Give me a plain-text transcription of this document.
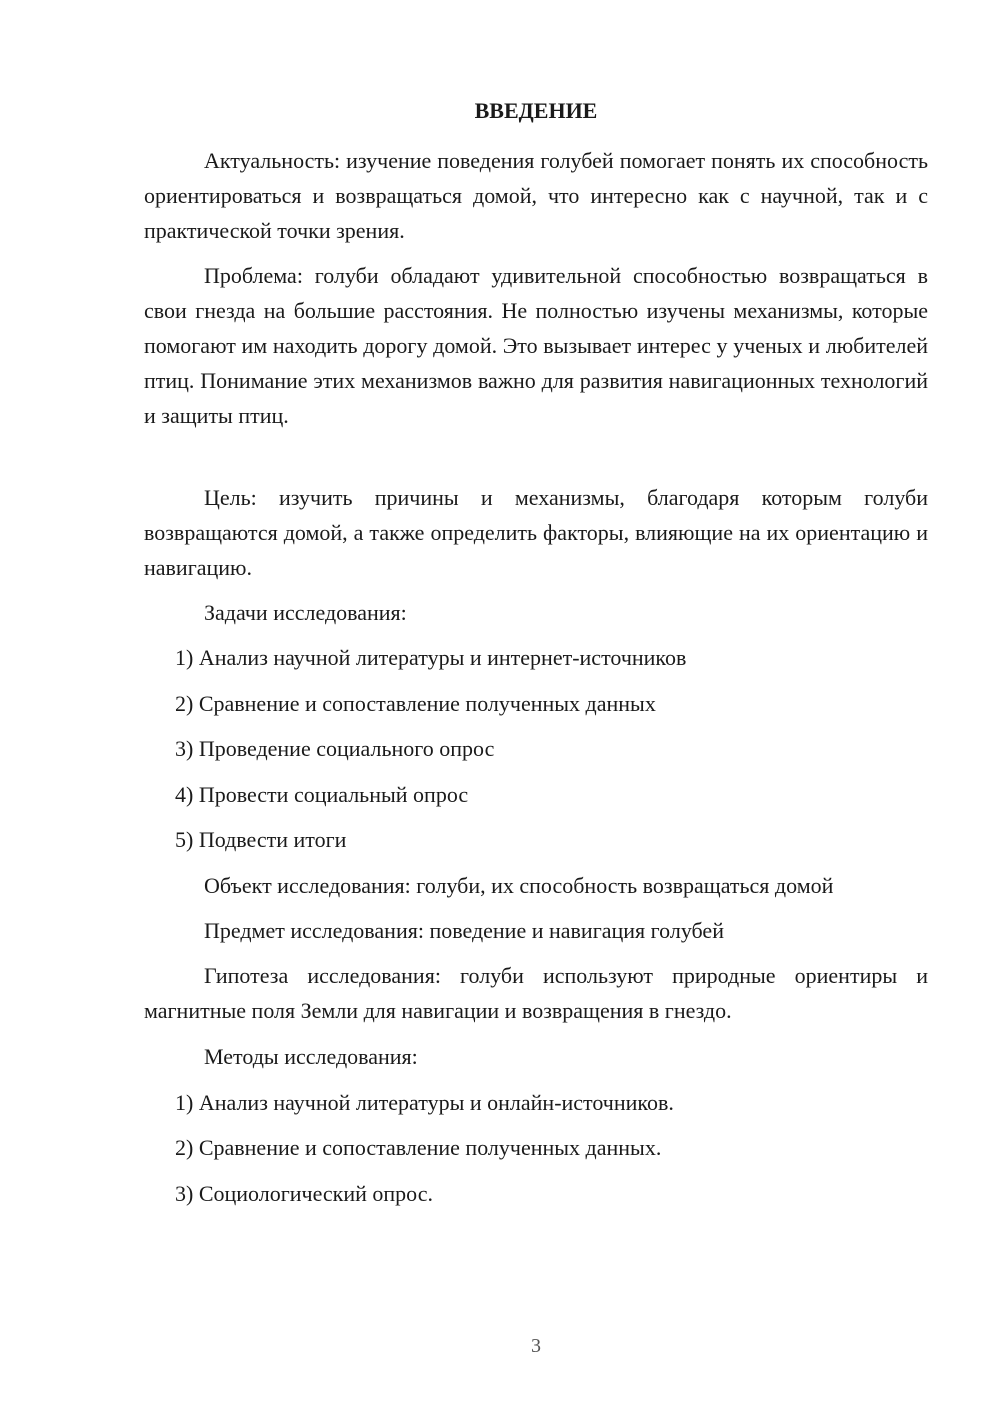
ВВЕДЕНИЕ

Актуальность: изучение поведения голубей помогает понять их способность ориентироваться и возвращаться домой, что интересно как с научной, так и с практической точки зрения.

Проблема: голуби обладают удивительной способностью возвращаться в свои гнезда на большие расстояния. Не полностью изучены механизмы, которые помогают им находить дорогу домой. Это вызывает интерес у ученых и любителей птиц. Понимание этих механизмов важно для развития навигационных технологий и защиты птиц.

Цель: изучить причины и механизмы, благодаря которым голуби возвращаются домой, а также определить факторы, влияющие на их ориентацию и навигацию.

Задачи исследования:
1) Анализ научной литературы и интернет-источников
2) Сравнение и сопоставление полученных данных
3) Проведение социального опрос
4) Провести социальный опрос
5) Подвести итоги
Объект исследования: голуби, их способность возвращаться домой
Предмет исследования: поведение и навигация голубей

Гипотеза исследования: голуби используют природные ориентиры и магнитные поля Земли для навигации и возвращения в гнездо.

Методы исследования:
1) Анализ научной литературы и онлайн-источников.
2) Сравнение и сопоставление полученных данных.
3) Социологический опрос.
3
